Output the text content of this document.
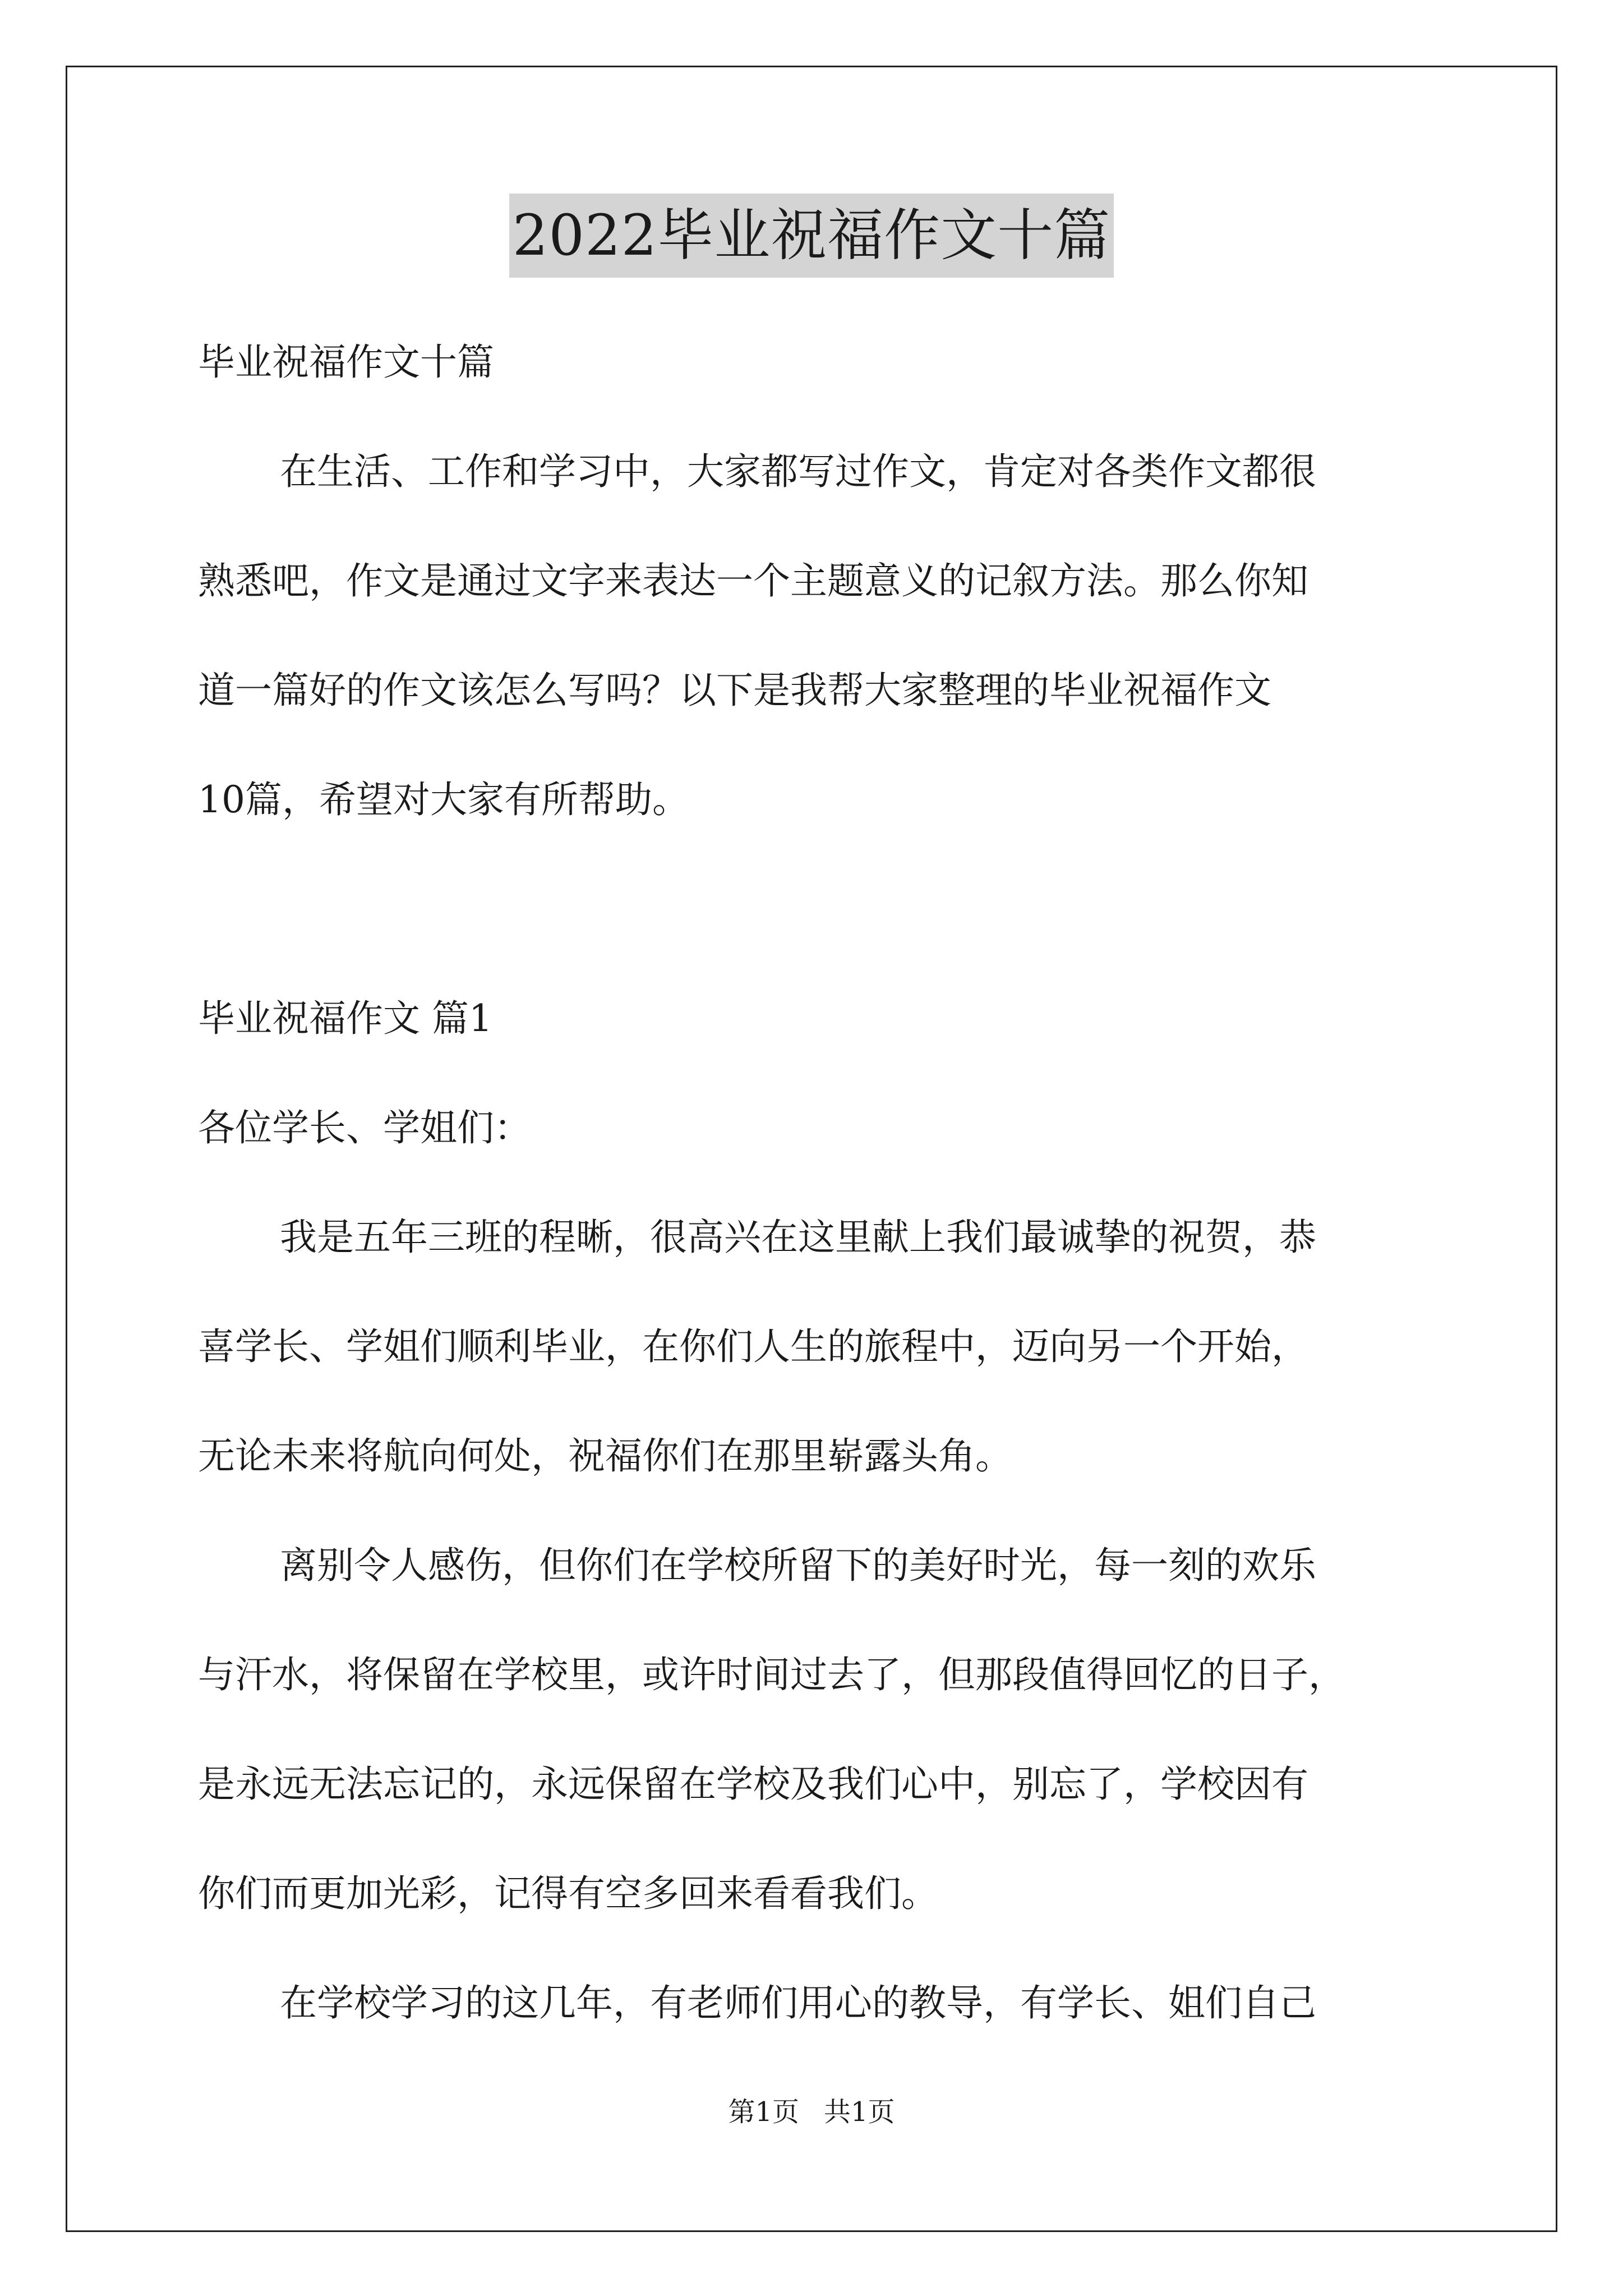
2022毕业祝福作文十篇

毕业祝福作文十篇

在生活、工作和学习中，大家都写过作文，肯定对各类作文都很

熟悉吧，作文是通过文字来表达一个主题意义的记叙方法。那么你知

道一篇好的作文该怎么写吗？以下是我帮大家整理的毕业祝福作文

10篇，希望对大家有所帮助。

毕业祝福作文 篇1

各位学长、学姐们：

我是五年三班的程晰，很高兴在这里献上我们最诚挚的祝贺，恭

喜学长、学姐们顺利毕业，在你们人生的旅程中，迈向另一个开始，

无论未来将航向何处，祝福你们在那里崭露头角。

离别令人感伤，但你们在学校所留下的美好时光，每一刻的欢乐

与汗水，将保留在学校里，或许时间过去了，但那段值得回忆的日子，

是永远无法忘记的，永远保留在学校及我们心中，别忘了，学校因有

你们而更加光彩，记得有空多回来看看我们。

在学校学习的这几年，有老师们用心的教导，有学长、姐们自己

第1页 共1页
